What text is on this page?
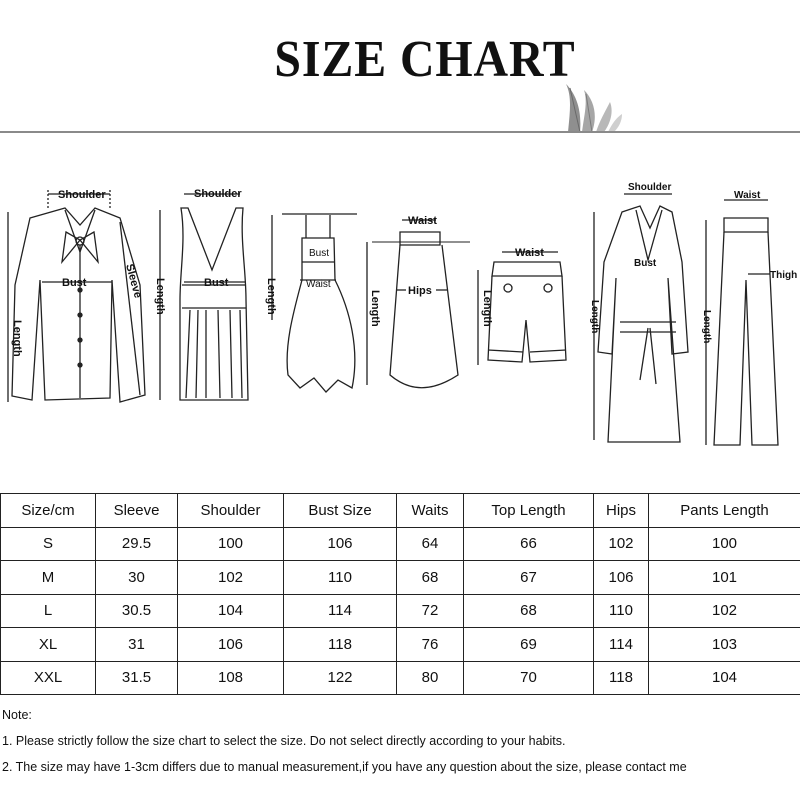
SIZE CHART
Shoulder
Bust
Length
Sleeve
Shoulder
Bust
Length
Bust
Waist
Length
Waist
Hips
Length
Waist
Length
Shoulder
Bust
Length
Waist
Thigh
Length
Size/cm	Sleeve	Shoulder	Bust Size	Waits	Top Length	Hips	Pants Length
S	29.5	100	106	64	66	102	100
M	30	102	110	68	67	106	101
L	30.5	104	114	72	68	110	102
XL	31	106	118	76	69	114	103
XXL	31.5	108	122	80	70	118	104
Note:
1. Please strictly follow the size chart to select the size. Do not select directly according to your habits.
2. The size may have 1-3cm differs due to manual measurement,if you have any question about the size, please contact me
